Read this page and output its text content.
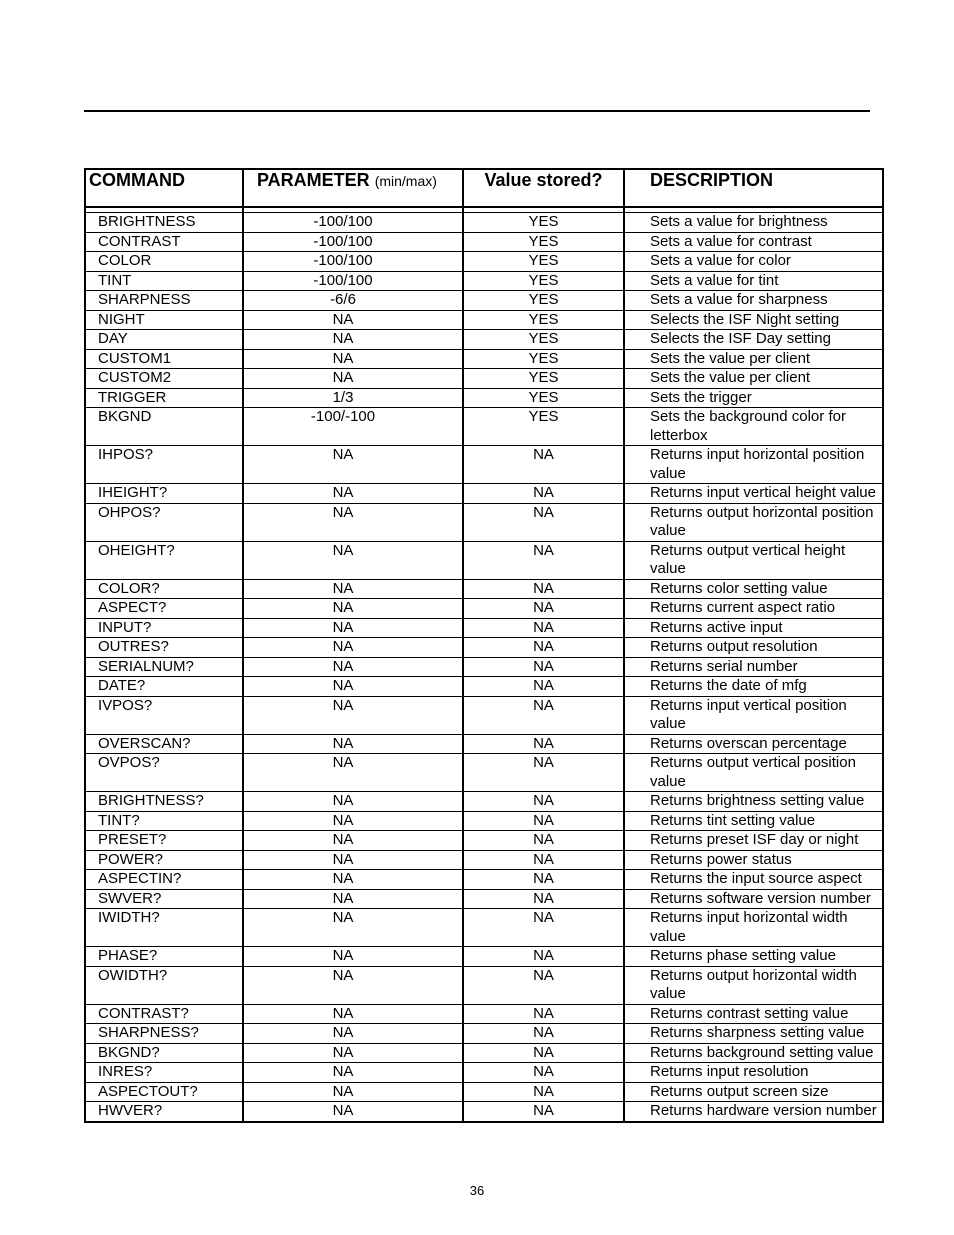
COMMAND	PARAMETER (min/max)	Value stored?	DESCRIPTION

BRIGHTNESS	-100/100	YES	Sets a value for brightness
CONTRAST	-100/100	YES	Sets a value for contrast
COLOR	-100/100	YES	Sets a value for color
TINT	-100/100	YES	Sets a value for tint
SHARPNESS	-6/6	YES	Sets a value for sharpness
NIGHT	NA	YES	Selects the ISF Night setting
DAY	NA	YES	Selects the ISF Day setting
CUSTOM1	NA	YES	Sets the value per client
CUSTOM2	NA	YES	Sets the value per client
TRIGGER	1/3	YES	Sets the trigger
BKGND	-100/-100	YES	Sets the background color for letterbox
IHPOS?	NA	NA	Returns input horizontal position value
IHEIGHT?	NA	NA	Returns input vertical height value
OHPOS?	NA	NA	Returns output horizontal position value
OHEIGHT?	NA	NA	Returns output vertical height value
COLOR?	NA	NA	Returns color setting value
ASPECT?	NA	NA	Returns current aspect ratio
INPUT?	NA	NA	Returns active input
OUTRES?	NA	NA	Returns output resolution
SERIALNUM?	NA	NA	Returns serial number
DATE?	NA	NA	Returns the date of mfg
IVPOS?	NA	NA	Returns input vertical position value
OVERSCAN?	NA	NA	Returns overscan percentage
OVPOS?	NA	NA	Returns output vertical position value
BRIGHTNESS?	NA	NA	Returns brightness setting value
TINT?	NA	NA	Returns tint setting value
PRESET?	NA	NA	Returns preset ISF day or night
POWER?	NA	NA	Returns power status
ASPECTIN?	NA	NA	Returns the input source aspect
SWVER?	NA	NA	Returns software version number
IWIDTH?	NA	NA	Returns input horizontal width value
PHASE?	NA	NA	Returns phase setting value
OWIDTH?	NA	NA	Returns output horizontal width value
CONTRAST?	NA	NA	Returns contrast setting value
SHARPNESS?	NA	NA	Returns sharpness setting value
BKGND?	NA	NA	Returns background setting value
INRES?	NA	NA	Returns input resolution
ASPECTOUT?	NA	NA	Returns output screen size
HWVER?	NA	NA	Returns hardware version number
36
